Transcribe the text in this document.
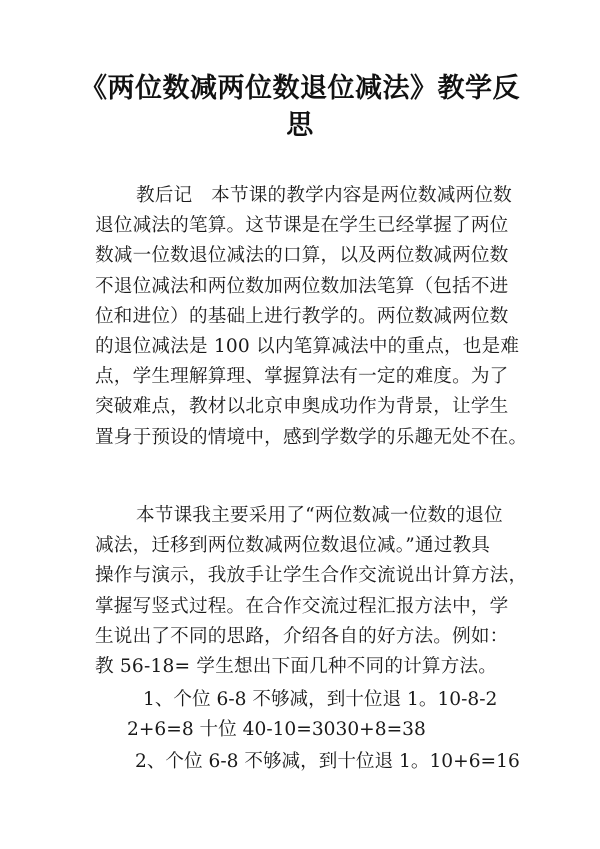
《两位数减两位数退位减法》教学反
思
教后记　本节课的教学内容是两位数减两位数
退位减法的笔算。这节课是在学生已经掌握了两位
数减一位数退位减法的口算，以及两位数减两位数
不退位减法和两位数加两位数加法笔算（包括不进
位和进位）的基础上进行教学的。两位数减两位数
的退位减法是 100 以内笔算减法中的重点，也是难
点，学生理解算理、掌握算法有一定的难度。为了
突破难点，教材以北京申奥成功作为背景，让学生
置身于预设的情境中，感到学数学的乐趣无处不在。
本节课我主要采用了“两位数减一位数的退位
减法，迁移到两位数减两位数退位减。”通过教具
操作与演示，我放手让学生合作交流说出计算方法，
掌握写竖式过程。在合作交流过程汇报方法中，学
生说出了不同的思路，介绍各自的好方法。例如：
教 56-18= 学生想出下面几种不同的计算方法。
1、个位 6-8 不够减，到十位退 1。10-8-2
2+6=8 十位 40-10=3030+8=38
2、个位 6-8 不够减，到十位退 1。10+6=16
